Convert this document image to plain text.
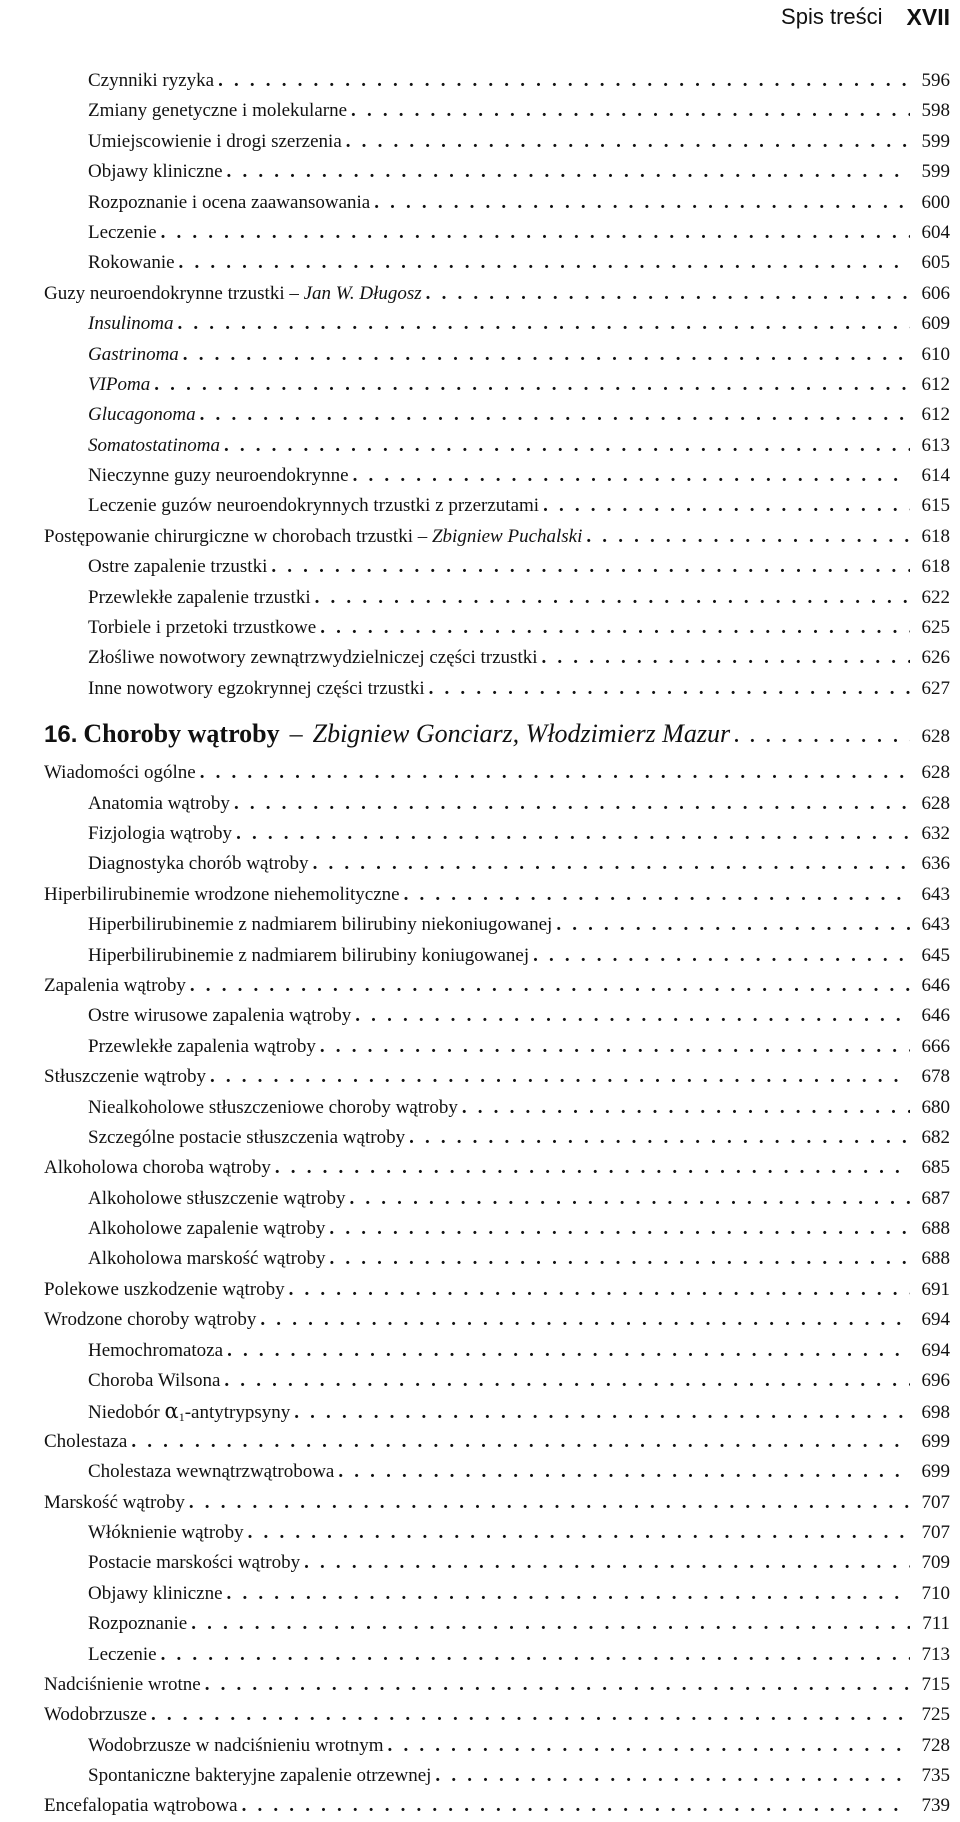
Spis treści XVII
Czynniki ryzyka . . .	596
Zmiany genetyczne i molekularne . . .	598
Umiejscowienie i drogi szerzenia . . .	599
Objawy kliniczne . . .	599
Rozpoznanie i ocena zaawansowania . . .	600
Leczenie . . .	604
Rokowanie . . .	605
Guzy neuroendokrynne trzustki – Jan W. Długosz . . .	606
Insulinoma . . .	609
Gastrinoma . . .	610
VIPoma . . .	612
Glucagonoma . . .	612
Somatostatinoma . . .	613
Nieczynne guzy neuroendokrynne . . .	614
Leczenie guzów neuroendokrynnych trzustki z przerzutami . . .	615
Postępowanie chirurgiczne w chorobach trzustki – Zbigniew Puchalski . . .	618
Ostre zapalenie trzustki . . .	618
Przewlekłe zapalenie trzustki . . .	622
Torbiele i przetoki trzustkowe . . .	625
Złośliwe nowotwory zewnątrzwydzielniczej części trzustki . . .	626
Inne nowotwory egzokrynnej części trzustki . . .	627
16. Choroby wątroby – Zbigniew Gonciarz, Włodzimierz Mazur . . .	628
Wiadomości ogólne . . .	628
Anatomia wątroby . . .	628
Fizjologia wątroby . . .	632
Diagnostyka chorób wątroby . . .	636
Hiperbilirubinemie wrodzone niehemolityczne . . .	643
Hiperbilirubinemie z nadmiarem bilirubiny niekoniugowanej . . .	643
Hiperbilirubinemie z nadmiarem bilirubiny koniugowanej . . .	645
Zapalenia wątroby . . .	646
Ostre wirusowe zapalenia wątroby . . .	646
Przewlekłe zapalenia wątroby . . .	666
Stłuszczenie wątroby . . .	678
Niealkoholowe stłuszczeniowe choroby wątroby . . .	680
Szczególne postacie stłuszczenia wątroby . . .	682
Alkoholowa choroba wątroby . . .	685
Alkoholowe stłuszczenie wątroby . . .	687
Alkoholowe zapalenie wątroby . . .	688
Alkoholowa marskość wątroby . . .	688
Polekowe uszkodzenie wątroby . . .	691
Wrodzone choroby wątroby . . .	694
Hemochromatoza . . .	694
Choroba Wilsona . . .	696
Niedobór $\alpha_1$-antytrypsyny . . .	698
Cholestaza . . .	699
Cholestaza wewnątrzwątrobowa . . .	699
Marskość wątroby . . .	707
Włóknienie wątroby . . .	707
Postacie marskości wątroby . . .	709
Objawy kliniczne . . .	710
Rozpoznanie . . .	711
Leczenie . . .	713
Nadciśnienie wrotne . . .	715
Wodobrzusze . . .	725
Wodobrzusze w nadciśnieniu wrotnym . . .	728
Spontaniczne bakteryjne zapalenie otrzewnej . . .	735
Encefalopatia wątrobowa . . .	739
